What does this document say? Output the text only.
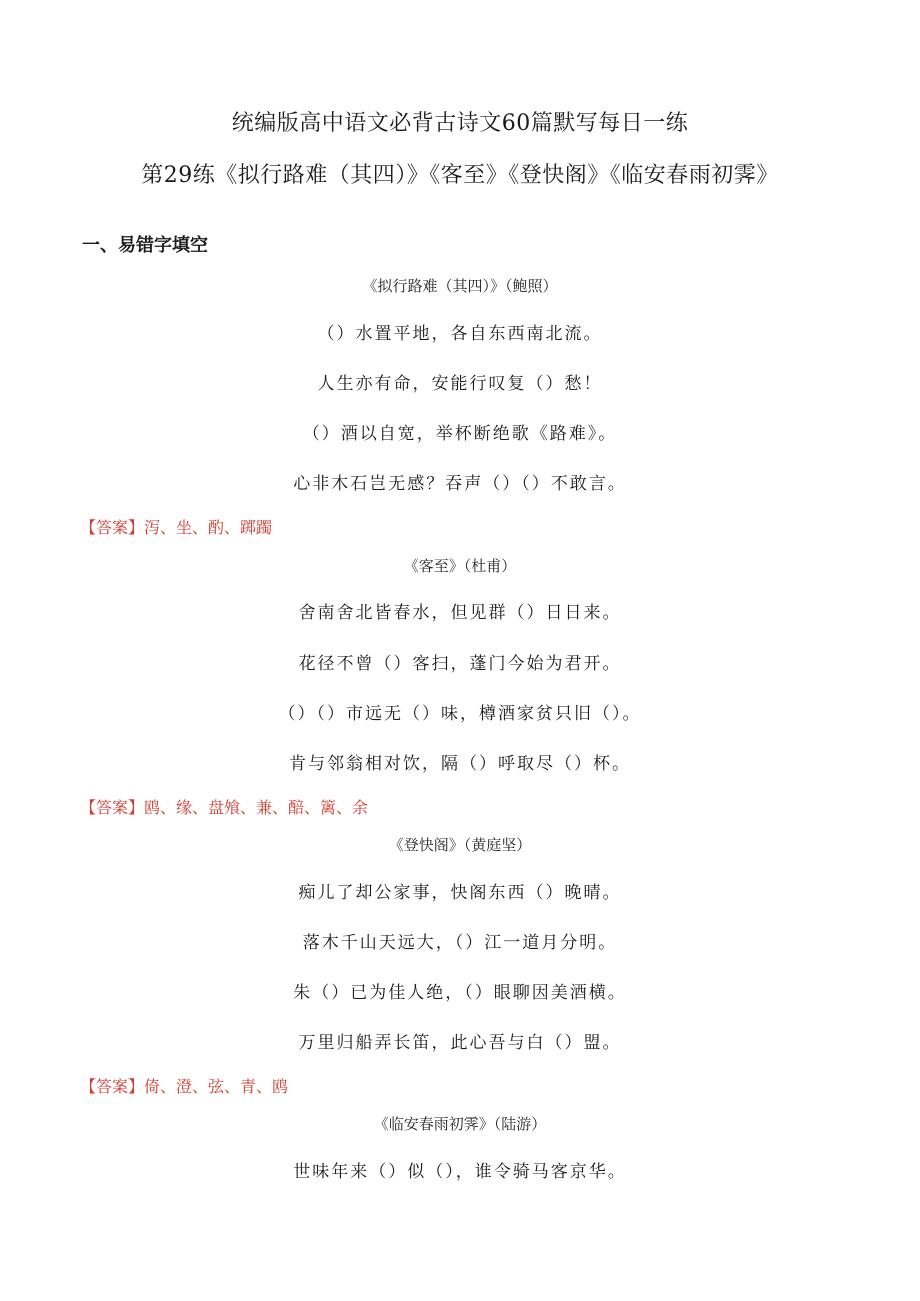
统编版高中语文必背古诗文60篇默写每日一练
第29练《拟行路难（其四）》《客至》《登快阁》《临安春雨初霁》
一、易错字填空
《拟行路难（其四）》（鲍照）
（）水置平地，各自东西南北流。
人生亦有命，安能行叹复（）愁！
（）酒以自宽，举杯断绝歌《路难》。
心非木石岂无感？吞声（）（）不敢言。
【答案】泻、坐、酌、踯躅
《客至》（杜甫）
舍南舍北皆春水，但见群（）日日来。
花径不曾（）客扫，蓬门今始为君开。
（）（）市远无（）味，樽酒家贫只旧（）。
肯与邻翁相对饮，隔（）呼取尽（）杯。
【答案】鸥、缘、盘飧、兼、醅、篱、余
《登快阁》（黄庭坚）
痴儿了却公家事，快阁东西（）晚晴。
落木千山天远大，（）江一道月分明。
朱（）已为佳人绝，（）眼聊因美酒横。
万里归船弄长笛，此心吾与白（）盟。
【答案】倚、澄、弦、青、鸥
《临安春雨初霁》（陆游）
世味年来（）似（），谁令骑马客京华。
